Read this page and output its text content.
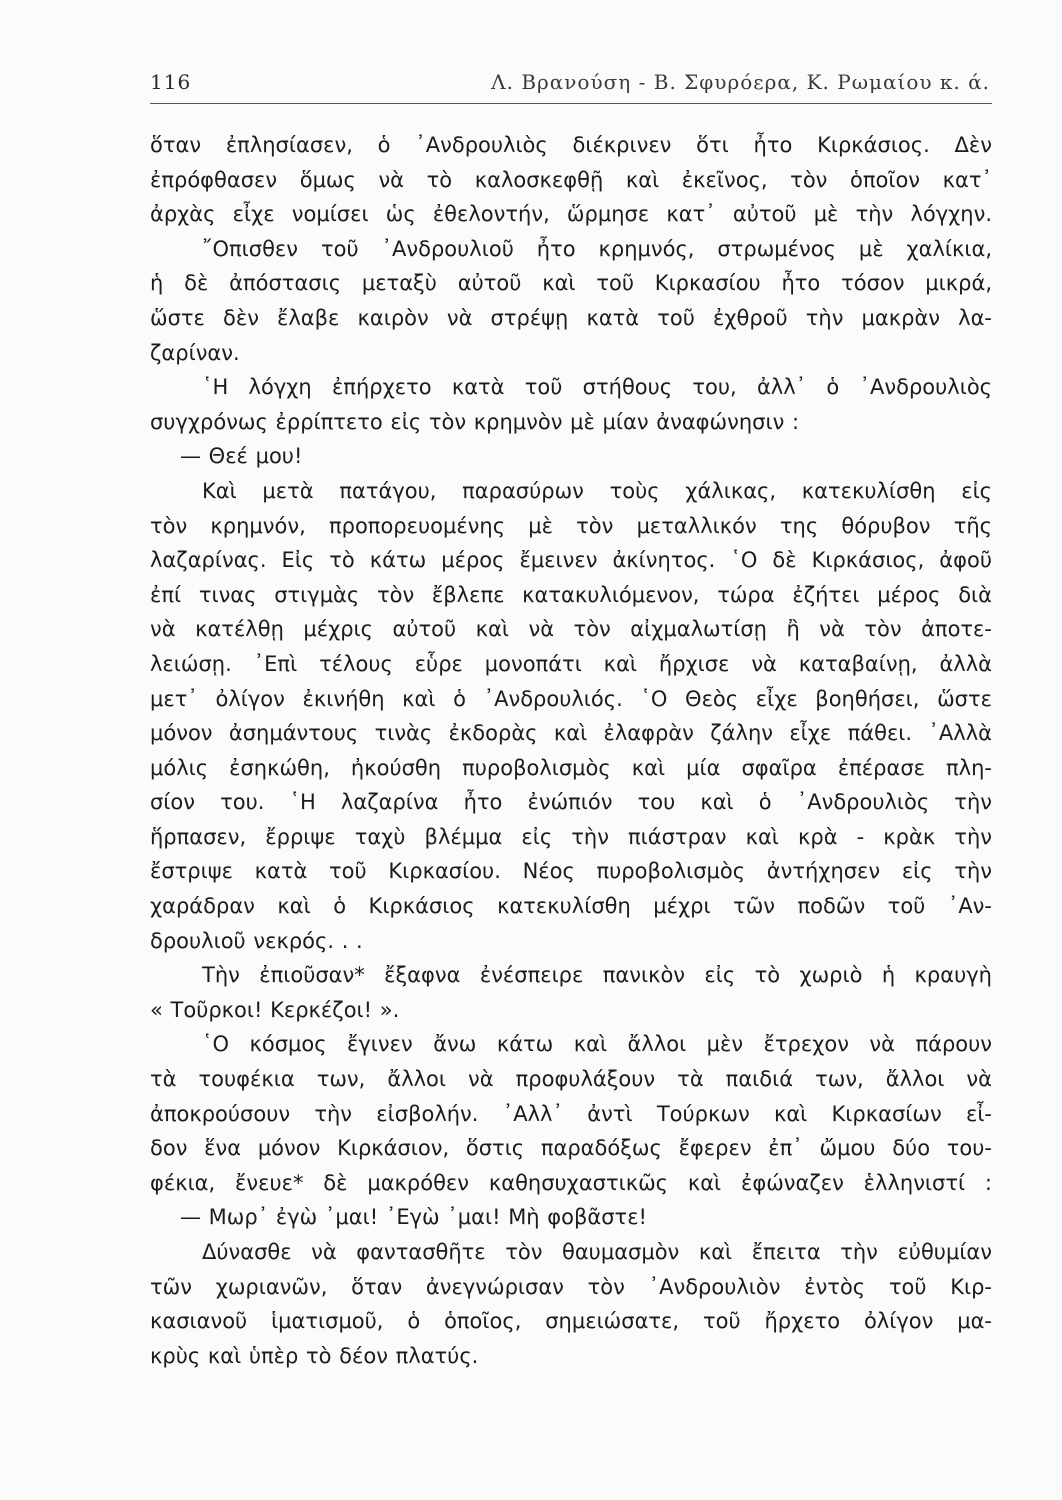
116	Λ. Βρανούση - Β. Σφυρόερα, Κ. Ρωμαίου κ. ά.
ὅταν ἐπλησίασεν, ὁ ᾿Ανδρουλιὸς διέκρινεν ὅτι ἦτο Κιρκάσιος. Δὲν
ἐπρόφθασεν ὅμως νὰ τὸ καλοσκεφθῇ καὶ ἐκεῖνος, τὸν ὁποῖον κατ᾿
ἀρχὰς εἶχε νομίσει ὡς ἐθελοντήν, ὥρμησε κατ᾿ αὐτοῦ μὲ τὴν λόγχην.
῎Οπισθεν τοῦ ᾿Ανδρουλιοῦ ἦτο κρημνός, στρωμένος μὲ χαλίκια,
ἡ δὲ ἀπόστασις μεταξὺ αὐτοῦ καὶ τοῦ Κιρκασίου ἦτο τόσον μικρά,
ὥστε δὲν ἔλαβε καιρὸν νὰ στρέψῃ κατὰ τοῦ ἐχθροῦ τὴν μακρὰν λα-
ζαρίναν.
῾Η λόγχη ἐπήρχετο κατὰ τοῦ στήθους του, ἀλλ᾿ ὁ ᾿Ανδρουλιὸς
συγχρόνως ἐρρίπτετο εἰς τὸν κρημνὸν μὲ μίαν ἀναφώνησιν :
— Θεέ μου!
Καὶ μετὰ πατάγου, παρασύρων τοὺς χάλικας, κατεκυλίσθη εἰς
τὸν κρημνόν, προπορευομένης μὲ τὸν μεταλλικόν της θόρυβον τῆς
λαζαρίνας. Εἰς τὸ κάτω μέρος ἔμεινεν ἀκίνητος. ῾Ο δὲ Κιρκάσιος, ἀφοῦ
ἐπί τινας στιγμὰς τὸν ἔβλεπε κατακυλιόμενον, τώρα ἐζήτει μέρος διὰ
νὰ κατέλθῃ μέχρις αὐτοῦ καὶ νὰ τὸν αἰχμαλωτίσῃ ἢ νὰ τὸν ἀποτε-
λειώσῃ. ᾿Επὶ τέλους εὗρε μονοπάτι καὶ ἤρχισε νὰ καταβαίνῃ, ἀλλὰ
μετ᾿ ὀλίγον ἐκινήθη καὶ ὁ ᾿Ανδρουλιός. ῾Ο Θεὸς εἶχε βοηθήσει, ὥστε
μόνον ἀσημάντους τινὰς ἐκδορὰς καὶ ἐλαφρὰν ζάλην εἶχε πάθει. ᾿Αλλὰ
μόλις ἐσηκώθη, ἠκούσθη πυροβολισμὸς καὶ μία σφαῖρα ἐπέρασε πλη-
σίον του. ῾Η λαζαρίνα ἦτο ἐνώπιόν του καὶ ὁ ᾿Ανδρουλιὸς τὴν
ἥρπασεν, ἔρριψε ταχὺ βλέμμα εἰς τὴν πιάστραν καὶ κρὰ - κρὰκ τὴν
ἔστριψε κατὰ τοῦ Κιρκασίου. Νέος πυροβολισμὸς ἀντήχησεν εἰς τὴν
χαράδραν καὶ ὁ Κιρκάσιος κατεκυλίσθη μέχρι τῶν ποδῶν τοῦ ᾿Αν-
δρουλιοῦ νεκρός. . .
Τὴν ἐπιοῦσαν* ἔξαφνα ἐνέσπειρε πανικὸν εἰς τὸ χωριὸ ἡ κραυγὴ
« Τοῦρκοι! Κερκέζοι! ».
῾Ο κόσμος ἔγινεν ἄνω κάτω καὶ ἄλλοι μὲν ἔτρεχον νὰ πάρουν
τὰ τουφέκια των, ἄλλοι νὰ προφυλάξουν τὰ παιδιά των, ἄλλοι νὰ
ἀποκρούσουν τὴν εἰσβολήν. ᾿Αλλ᾿ ἀντὶ Τούρκων καὶ Κιρκασίων εἶ-
δον ἕνα μόνον Κιρκάσιον, ὅστις παραδόξως ἔφερεν ἐπ᾿ ὤμου δύο του-
φέκια, ἔνευε* δὲ μακρόθεν καθησυχαστικῶς καὶ ἐφώναζεν ἑλληνιστί :
— Μωρ᾿ ἐγὼ ᾿μαι! ᾿Εγὼ ᾿μαι! Μὴ φοβᾶστε!
Δύνασθε νὰ φαντασθῆτε τὸν θαυμασμὸν καὶ ἔπειτα τὴν εὐθυμίαν
τῶν χωριανῶν, ὅταν ἀνεγνώρισαν τὸν ᾿Ανδρουλιὸν ἐντὸς τοῦ Κιρ-
κασιανοῦ ἱματισμοῦ, ὁ ὁποῖος, σημειώσατε, τοῦ ἤρχετο ὀλίγον μα-
κρὺς καὶ ὑπὲρ τὸ δέον πλατύς.
